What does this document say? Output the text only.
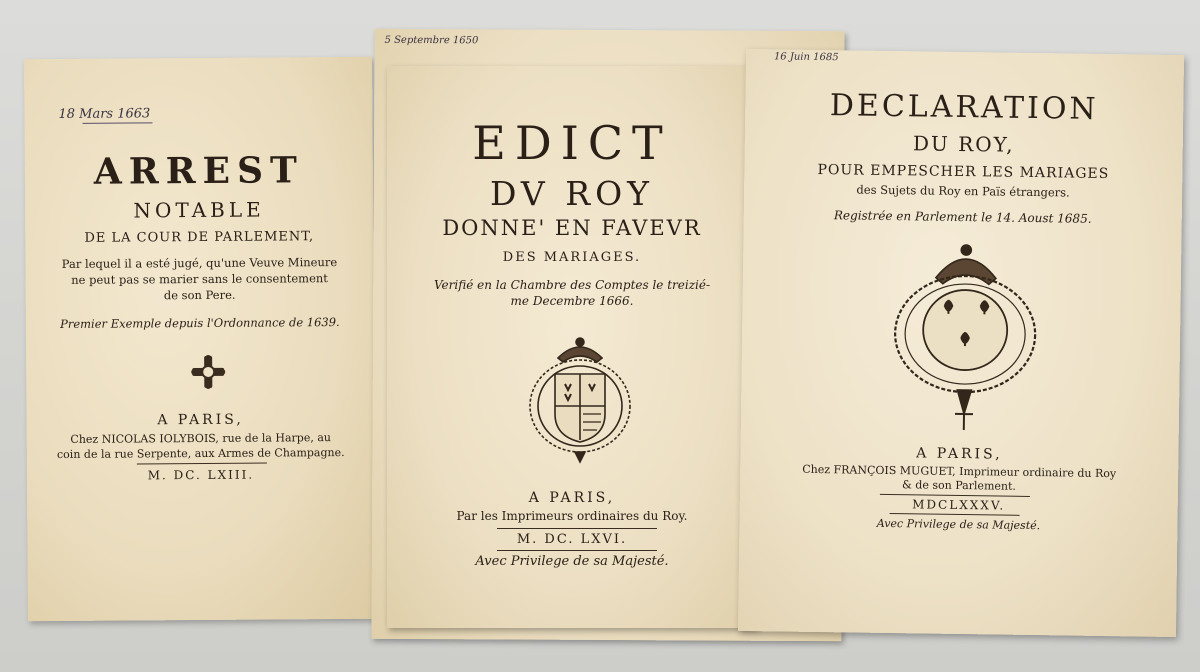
18 Mars 1663
ARREST
NOTABLE
DE LA COUR DE PARLEMENT,
Par lequel il a esté jugé, qu'une Veuve Mineure
ne peut pas se marier sans le consentement
de son Pere.
Premier Exemple depuis l'Ordonnance de 1639.
A PARIS,
Chez NICOLAS IOLYBOIS, rue de la Harpe, au
coin de la rue Serpente, aux Armes de Champagne.
M. DC. LXIII.
5 Septembre 1650
EDICT
DV ROY
DONNE' EN FAVEVR
DES MARIAGES.
Verifié en la Chambre des Comptes le treizié-
me Decembre 1666.
A PARIS,
Par les Imprimeurs ordinaires du Roy.
M. DC. LXVI.
Avec Privilege de sa Majesté.
16 Juin 1685
DECLARATION
DU ROY,
POUR EMPESCHER LES MARIAGES
des Sujets du Roy en Païs étrangers.
Registrée en Parlement le 14. Aoust 1685.
A PARIS,
Chez FRANÇOIS MUGUET, Imprimeur ordinaire du Roy
& de son Parlement.
MDCLXXXV.
Avec Privilege de sa Majesté.
